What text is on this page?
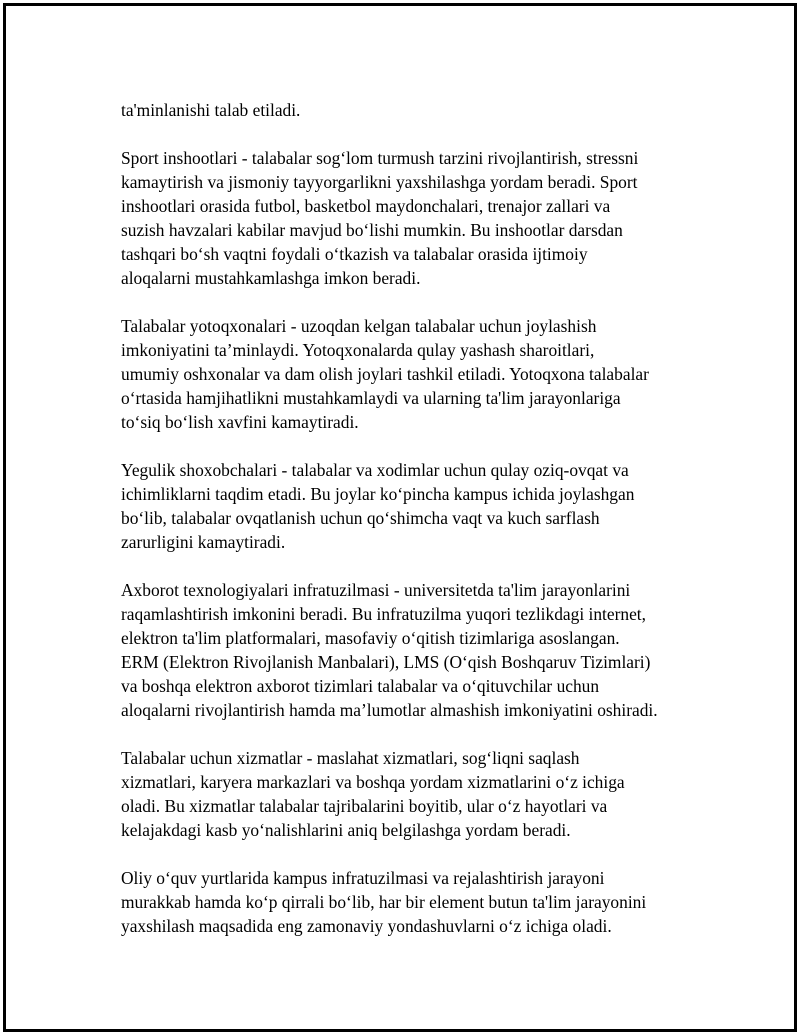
ta'minlanishi talab etiladi.

Sport inshootlari - talabalar sog‘lom turmush tarzini rivojlantirish, stressni
kamaytirish va jismoniy tayyorgarlikni yaxshilashga yordam beradi. Sport
inshootlari orasida futbol, basketbol maydonchalari, trenajor zallari va
suzish havzalari kabilar mavjud bo‘lishi mumkin. Bu inshootlar darsdan
tashqari bo‘sh vaqtni foydali o‘tkazish va talabalar orasida ijtimoiy
aloqalarni mustahkamlashga imkon beradi.

Talabalar yotoqxonalari - uzoqdan kelgan talabalar uchun joylashish
imkoniyatini ta’minlaydi. Yotoqxonalarda qulay yashash sharoitlari,
umumiy oshxonalar va dam olish joylari tashkil etiladi. Yotoqxona talabalar
o‘rtasida hamjihatlikni mustahkamlaydi va ularning ta'lim jarayonlariga
to‘siq bo‘lish xavfini kamaytiradi.

Yegulik shoxobchalari - talabalar va xodimlar uchun qulay oziq-ovqat va
ichimliklarni taqdim etadi. Bu joylar ko‘pincha kampus ichida joylashgan
bo‘lib, talabalar ovqatlanish uchun qo‘shimcha vaqt va kuch sarflash
zarurligini kamaytiradi.

Axborot texnologiyalari infratuzilmasi - universitetda ta'lim jarayonlarini
raqamlashtirish imkonini beradi. Bu infratuzilma yuqori tezlikdagi internet,
elektron ta'lim platformalari, masofaviy o‘qitish tizimlariga asoslangan.
ERM (Elektron Rivojlanish Manbalari), LMS (O‘qish Boshqaruv Tizimlari)
va boshqa elektron axborot tizimlari talabalar va o‘qituvchilar uchun
aloqalarni rivojlantirish hamda ma’lumotlar almashish imkoniyatini oshiradi.

Talabalar uchun xizmatlar - maslahat xizmatlari, sog‘liqni saqlash
xizmatlari, karyera markazlari va boshqa yordam xizmatlarini o‘z ichiga
oladi. Bu xizmatlar talabalar tajribalarini boyitib, ular o‘z hayotlari va
kelajakdagi kasb yo‘nalishlarini aniq belgilashga yordam beradi.

Oliy o‘quv yurtlarida kampus infratuzilmasi va rejalashtirish jarayoni
murakkab hamda ko‘p qirrali bo‘lib, har bir element butun ta'lim jarayonini
yaxshilash maqsadida eng zamonaviy yondashuvlarni o‘z ichiga oladi.
